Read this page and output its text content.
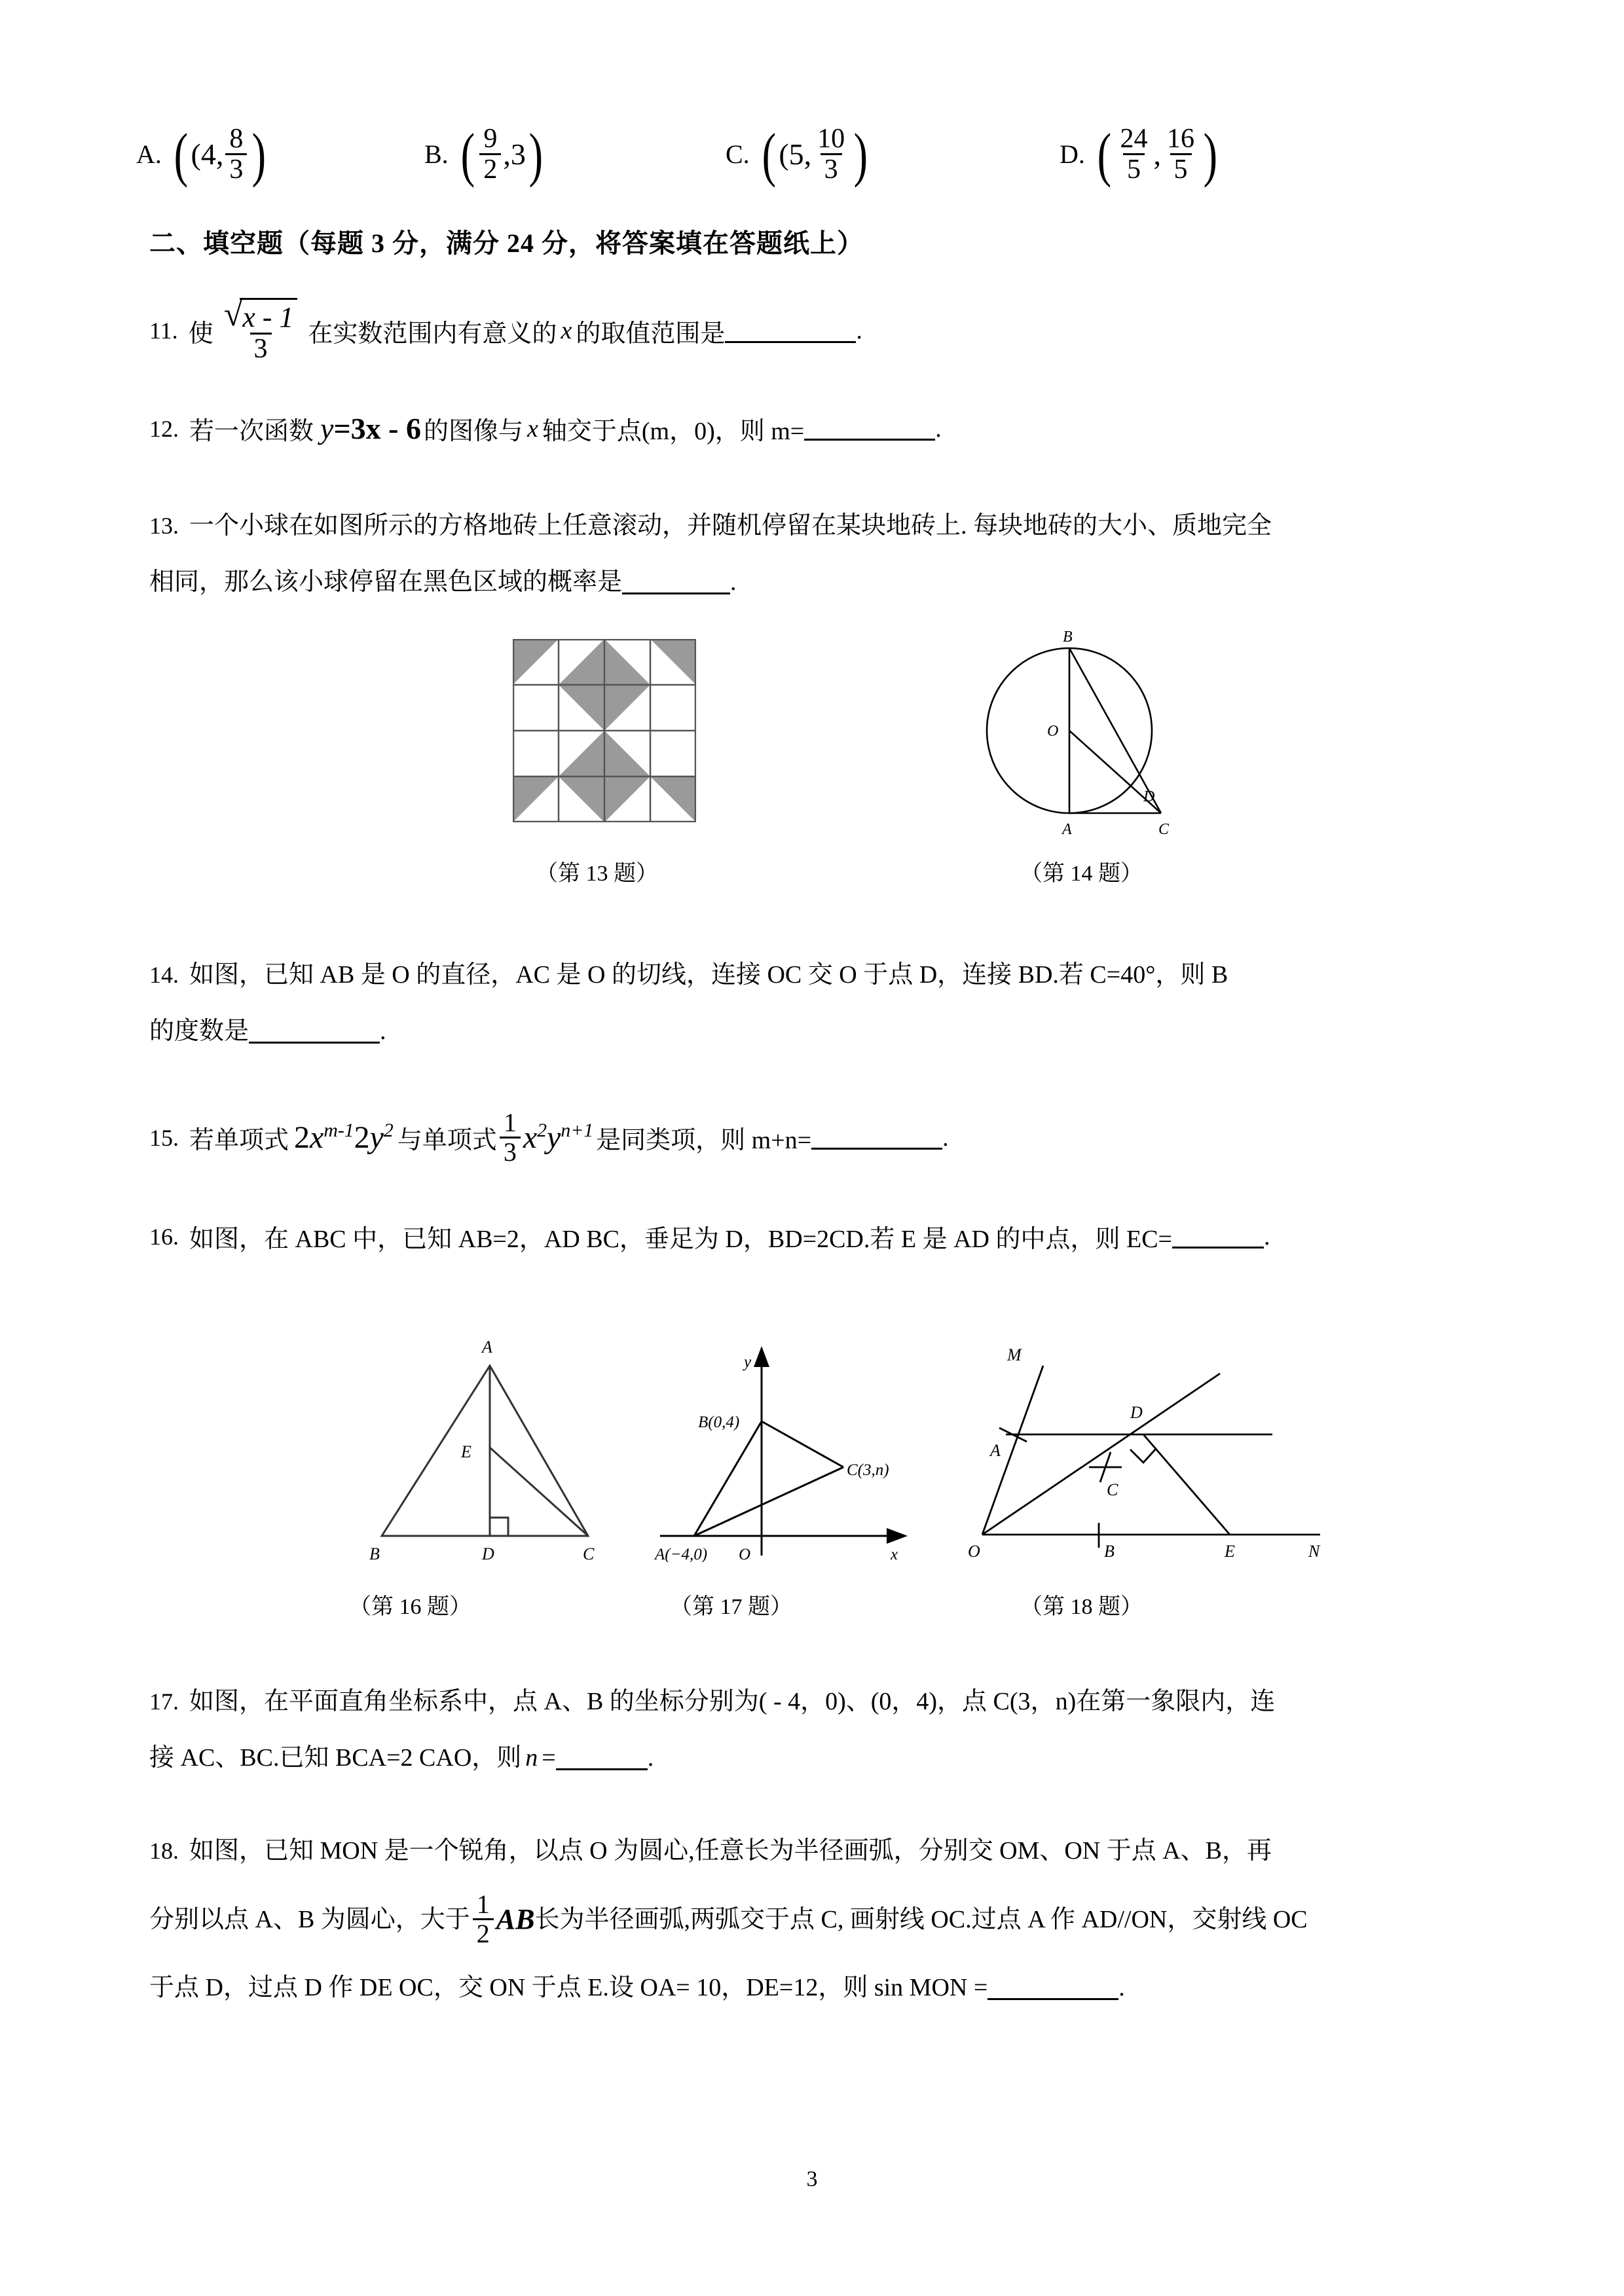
A. ( (4, $\frac{8}{3}$ )	B. ( $\frac{9}{2} ,3$ )	C. ( (5, $\frac{10}{3}$ )	D. ( $\frac{24}{5}$ , $\frac{16}{5}$ )
二、填空题（每题 3 分，满分 24 分，将答案填在答题纸上）
11. 使 $\frac{√ x - 1}{3}$ 在实数范围内有意义的 x 的取值范围是	.
12. 若一次函数 y =3x - 6 的图像与 x 轴交于点(m，0)，则 m=	.
13. 一个小球在如图所示的方格地砖上任意滚动，并随机停留在某块地砖上. 每块地砖的大小、质地完全
相同，那么该小球停留在黑色区域的概率是	.
（第 13 题）
B
O
D
A	C
（第 14 题）
14. 如图，已知 AB 是 O 的直径，AC 是 O 的切线，连接 OC 交 O 于点 D，连接 BD.若 C=40°，则 B
的度数是	.
15. 若单项式 $2x^{m-1}2y^2$ 与单项式 $\frac{1}{3} x^2y^{n+1}$ 是同类项，则 m+n=	.
16. 如图，在 ABC 中，已知 AB=2，AD BC，垂足为 D，BD=2CD.若 E 是 AD 的中点，则 EC=	.
A
E
B	D	C
（第 16 题）
y
x
O
B(0,4)
C(3,n)
A(−4,0)
（第 17 题）
M
D
A
C
O	B	E	N
（第 18 题）
17. 如图，在平面直角坐标系中，点 A、B 的坐标分别为( - 4，0)、(0，4)，点 C(3，n)在第一象限内，连
接 AC、BC.已知 BCA=2 CAO，则 n =	.
18. 如图，已知 MON 是一个锐角，以点 O 为圆心,任意长为半径画弧，分别交 OM、ON 于点 A、B，再
分别以点 A、B 为圆心，大于 $\frac{1}{2}$ AB 长为半径画弧,两弧交于点 C, 画射线 OC.过点 A 作 AD//ON，交射线 OC
于点 D，过点 D 作 DE OC，交 ON 于点 E.设 OA= 10，DE=12，则 sin MON =	.
3
